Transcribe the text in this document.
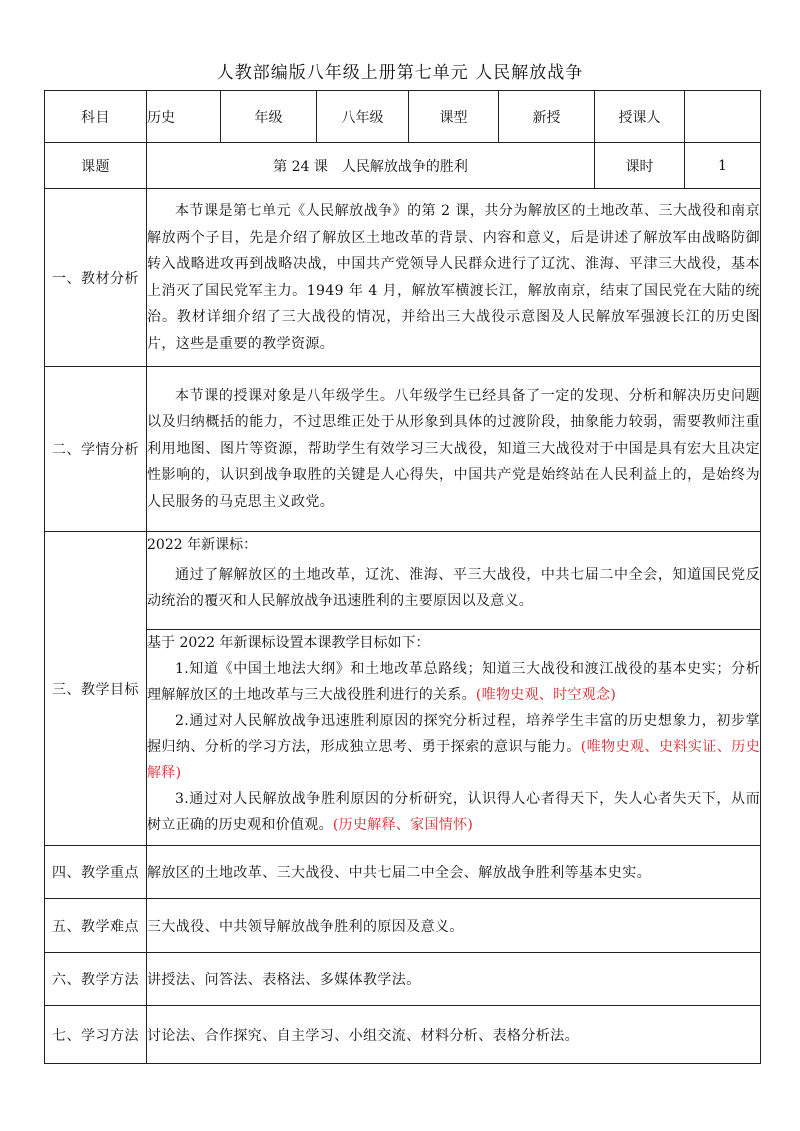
人教部编版八年级上册第七单元 人民解放战争
科目	历史	年级	八年级	课型	新授	授课人	
课题	第 24 课　人民解放战争的胜利					课时	1
一、教材分析	本节课是第七单元《人民解放战争》的第 2 课，共分为解放区的土地改革、三大战役和南京解放两个子目，先是介绍了解放区土地改革的背景、内容和意义，后是讲述了解放军由战略防御转入战略进攻再到战略决战，中国共产党领导人民群众进行了辽沈、淮海、平津三大战役，基本上消灭了国民党军主力。1949 年 4 月，解放军横渡长江，解放南京，结束了国民党在大陆的统治。教材详细介绍了三大战役的情况，并给出三大战役示意图及人民解放军强渡长江的历史图片，这些是重要的教学资源。						
二、学情分析	本节课的授课对象是八年级学生。八年级学生已经具备了一定的发现、分析和解决历史问题以及归纳概括的能力，不过思维正处于从形象到具体的过渡阶段，抽象能力较弱，需要教师注重利用地图、图片等资源，帮助学生有效学习三大战役，知道三大战役对于中国是具有宏大且决定性影响的，认识到战争取胜的关键是人心得失，中国共产党是始终站在人民利益上的，是始终为人民服务的马克思主义政党。						
三、教学目标	2022 年新课标：

通过了解解放区的土地改革，辽沈、淮海、平三大战役，中共七届二中全会，知道国民党反动统治的覆灭和人民解放战争迅速胜利的主要原因以及意义。						

	基于 2022 年新课标设置本课教学目标如下：

1.知道《中国土地法大纲》和土地改革总路线；知道三大战役和渡江战役的基本史实；分析理解解放区的土地改革与三大战役胜利进行的关系。(唯物史观、时空观念)

2.通过对人民解放战争迅速胜利原因的探究分析过程，培养学生丰富的历史想象力，初步掌握归纳、分析的学习方法，形成独立思考、勇于探索的意识与能力。(唯物史观、史料实证、历史解释)

3.通过对人民解放战争胜利原因的分析研究，认识得人心者得天下，失人心者失天下，从而树立正确的历史观和价值观。(历史解释、家国情怀)						

四、教学重点	解放区的土地改革、三大战役、中共七届二中全会、解放战争胜利等基本史实。						
五、教学难点	三大战役、中共领导解放战争胜利的原因及意义。						
六、教学方法	讲授法、问答法、表格法、多媒体教学法。						
七、学习方法	讨论法、合作探究、自主学习、小组交流、材料分析、表格分析法。						
